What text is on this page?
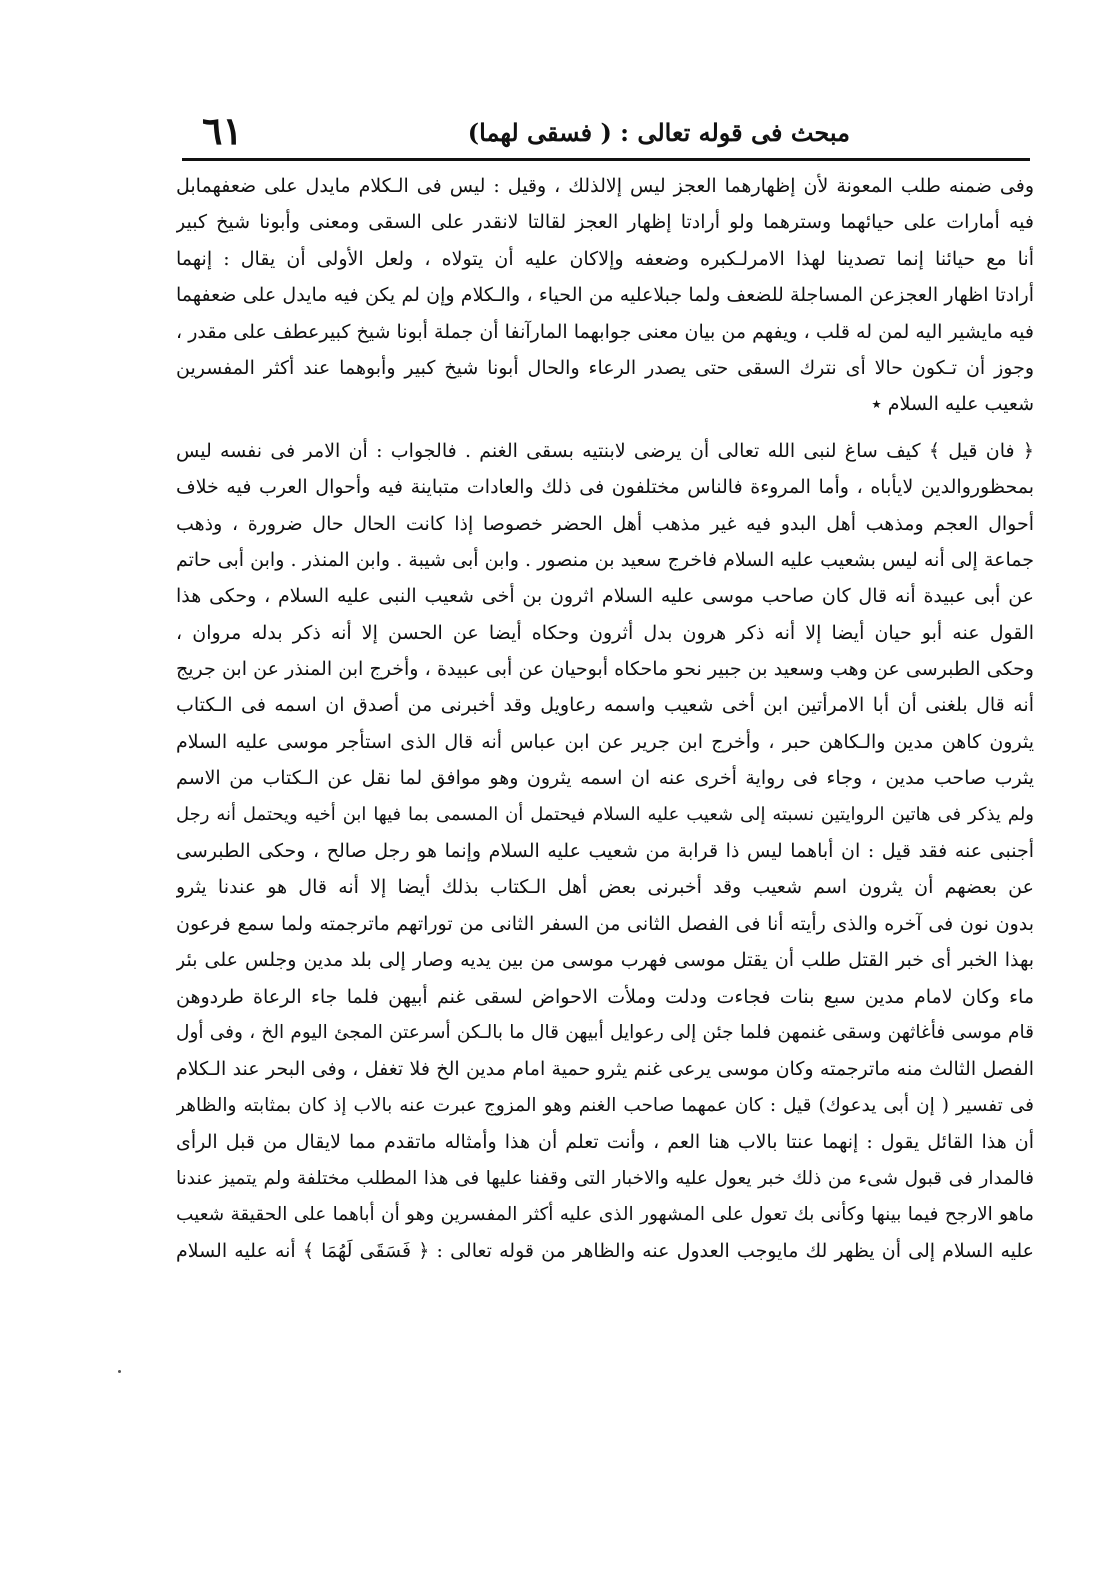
مبحث فى قوله تعالى : ( فسقى لهما)
٦١
وفى ضمنه طلب المعونة لأن إظهارهما العجز ليس إلالذلك ، وقيل : ليس فى الـكلام مايدل على ضعفهمابل
فيه أمارات على حيائهما وسترهما ولو أرادتا إظهار العجز لقالتا لانقدر على السقى ومعنى وأبونا شيخ كبير
أنا مع حيائنا إنما تصدينا لهذا الامرلـكبره وضعفه وإلاكان عليه أن يتولاه ، ولعل الأولى أن يقال : إنهما
أرادتا اظهار العجزعن المساجلة للضعف ولما جبلاعليه من الحياء ، والـكلام وإن لم يكن فيه مايدل على ضعفهما
فيه مايشير اليه لمن له قلب ، ويفهم من بيان معنى جوابهما المارآنفا أن جملة أبونا شيخ كبيرعطف على مقدر ،
وجوز أن تـكون حالا أى نترك السقى حتى يصدر الرعاء والحال أبونا شيخ كبير وأبوهما عند أكثر المفسرين
شعيب عليه السلام ٭
﴿ فان قيل ﴾ كيف ساغ لنبى الله تعالى أن يرضى لابنتيه بسقى الغنم . فالجواب : أن الامر فى نفسه ليس
بمحظوروالدين لايأباه ، وأما المروءة فالناس مختلفون فى ذلك والعادات متباينة فيه وأحوال العرب فيه خلاف
أحوال العجم ومذهب أهل البدو فيه غير مذهب أهل الحضر خصوصا إذا كانت الحال حال ضرورة ، وذهب
جماعة إلى أنه ليس بشعيب عليه السلام فاخرج سعيد بن منصور . وابن أبى شيبة . وابن المنذر . وابن أبى حاتم
عن أبى عبيدة أنه قال كان صاحب موسى عليه السلام اثرون بن أخى شعيب النبى عليه السلام ، وحكى هذا
القول عنه أبو حيان أيضا إلا أنه ذكر هرون بدل أثرون وحكاه أيضا عن الحسن إلا أنه ذكر بدله مروان ،
وحكى الطبرسى عن وهب وسعيد بن جبير نحو ماحكاه أبوحيان عن أبى عبيدة ، وأخرج ابن المنذر عن ابن جريج
أنه قال بلغنى أن أبا الامرأتين ابن أخى شعيب واسمه رعاويل وقد أخبرنى من أصدق ان اسمه فى الـكتاب
يثرون كاهن مدين والـكاهن حبر ، وأخرج ابن جرير عن ابن عباس أنه قال الذى استأجر موسى عليه السلام
يثرب صاحب مدين ، وجاء فى رواية أخرى عنه ان اسمه يثرون وهو موافق لما نقل عن الـكتاب من الاسم
ولم يذكر فى هاتين الروايتين نسبته إلى شعيب عليه السلام فيحتمل أن المسمى بما فيها ابن أخيه ويحتمل أنه رجل
أجنبى عنه فقد قيل : ان أباهما ليس ذا قرابة من شعيب عليه السلام وإنما هو رجل صالح ، وحكى الطبرسى
عن بعضهم أن يثرون اسم شعيب وقد أخبرنى بعض أهل الـكتاب بذلك أيضا إلا أنه قال هو عندنا يثرو
بدون نون فى آخره والذى رأيته أنا فى الفصل الثانى من السفر الثانى من توراتهم ماترجمته ولما سمع فرعون
بهذا الخبر أى خبر القتل طلب أن يقتل موسى فهرب موسى من بين يديه وصار إلى بلد مدين وجلس على بئر
ماء وكان لامام مدين سبع بنات فجاءت ودلت وملأت الاحواض لسقى غنم أبيهن فلما جاء الرعاة طردوهن
قام موسى فأغاثهن وسقى غنمهن فلما جئن إلى رعوايل أبيهن قال ما بالـكن أسرعتن المجئ اليوم الخ ، وفى أول
الفصل الثالث منه ماترجمته وكان موسى يرعى غنم يثرو حمية امام مدين الخ فلا تغفل ، وفى البحر عند الـكلام
فى تفسير ( إن أبى يدعوك) قيل : كان عمهما صاحب الغنم وهو المزوج عبرت عنه بالاب إذ كان بمثابته والظاهر
أن هذا القائل يقول : إنهما عنتا بالاب هنا العم ، وأنت تعلم أن هذا وأمثاله ماتقدم مما لايقال من قبل الرأى
فالمدار فى قبول شىء من ذلك خبر يعول عليه والاخبار التى وقفنا عليها فى هذا المطلب مختلفة ولم يتميز عندنا
ماهو الارجح فيما بينها وكأنى بك تعول على المشهور الذى عليه أكثر المفسرين وهو أن أباهما على الحقيقة شعيب
عليه السلام إلى أن يظهر لك مايوجب العدول عنه والظاهر من قوله تعالى : ﴿ فَسَقَى لَهُمَا ﴾ أنه عليه السلام
